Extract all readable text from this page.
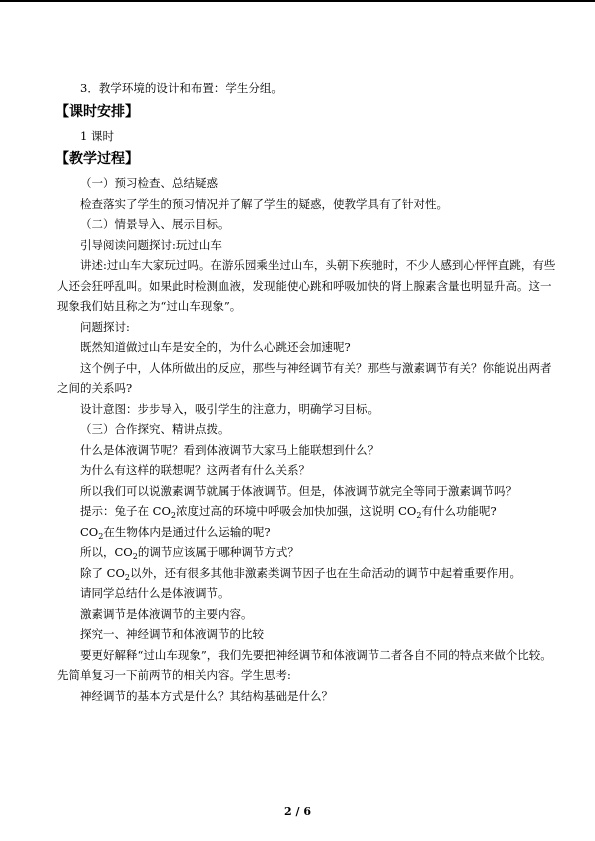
3．教学环境的设计和布置：学生分组。

【课时安排】

1 课时

【教学过程】

（一）预习检查、总结疑惑

检查落实了学生的预习情况并了解了学生的疑惑，使教学具有了针对性。

（二）情景导入、展示目标。

引导阅读问题探讨:玩过山车

讲述:过山车大家玩过吗。在游乐园乘坐过山车，头朝下疾驰时，不少人感到心怦怦直跳，有些人还会狂呼乱叫。如果此时检测血液，发现能使心跳和呼吸加快的肾上腺素含量也明显升高。这一现象我们姑且称之为“过山车现象”。

问题探讨:

既然知道做过山车是安全的，为什么心跳还会加速呢?

这个例子中，人体所做出的反应，那些与神经调节有关？那些与激素调节有关？你能说出两者之间的关系吗?

设计意图：步步导入，吸引学生的注意力，明确学习目标。

（三）合作探究、精讲点拨。

什么是体液调节呢？看到体液调节大家马上能联想到什么？

为什么有这样的联想呢？这两者有什么关系？

所以我们可以说激素调节就属于体液调节。但是，体液调节就完全等同于激素调节吗？

提示：兔子在 $CO_2$浓度过高的环境中呼吸会加快加强，这说明 $CO_2$有什么功能呢?

$CO_2$在生物体内是通过什么运输的呢?

所以，$CO_2$的调节应该属于哪种调节方式？

除了 $CO_2$以外，还有很多其他非激素类调节因子也在生命活动的调节中起着重要作用。

请同学总结什么是体液调节。

激素调节是体液调节的主要内容。

探究一、神经调节和体液调节的比较

要更好解释“过山车现象”，我们先要把神经调节和体液调节二者各自不同的特点来做个比较。先简单复习一下前两节的相关内容。学生思考:

神经调节的基本方式是什么？其结构基础是什么？

2 / 6
